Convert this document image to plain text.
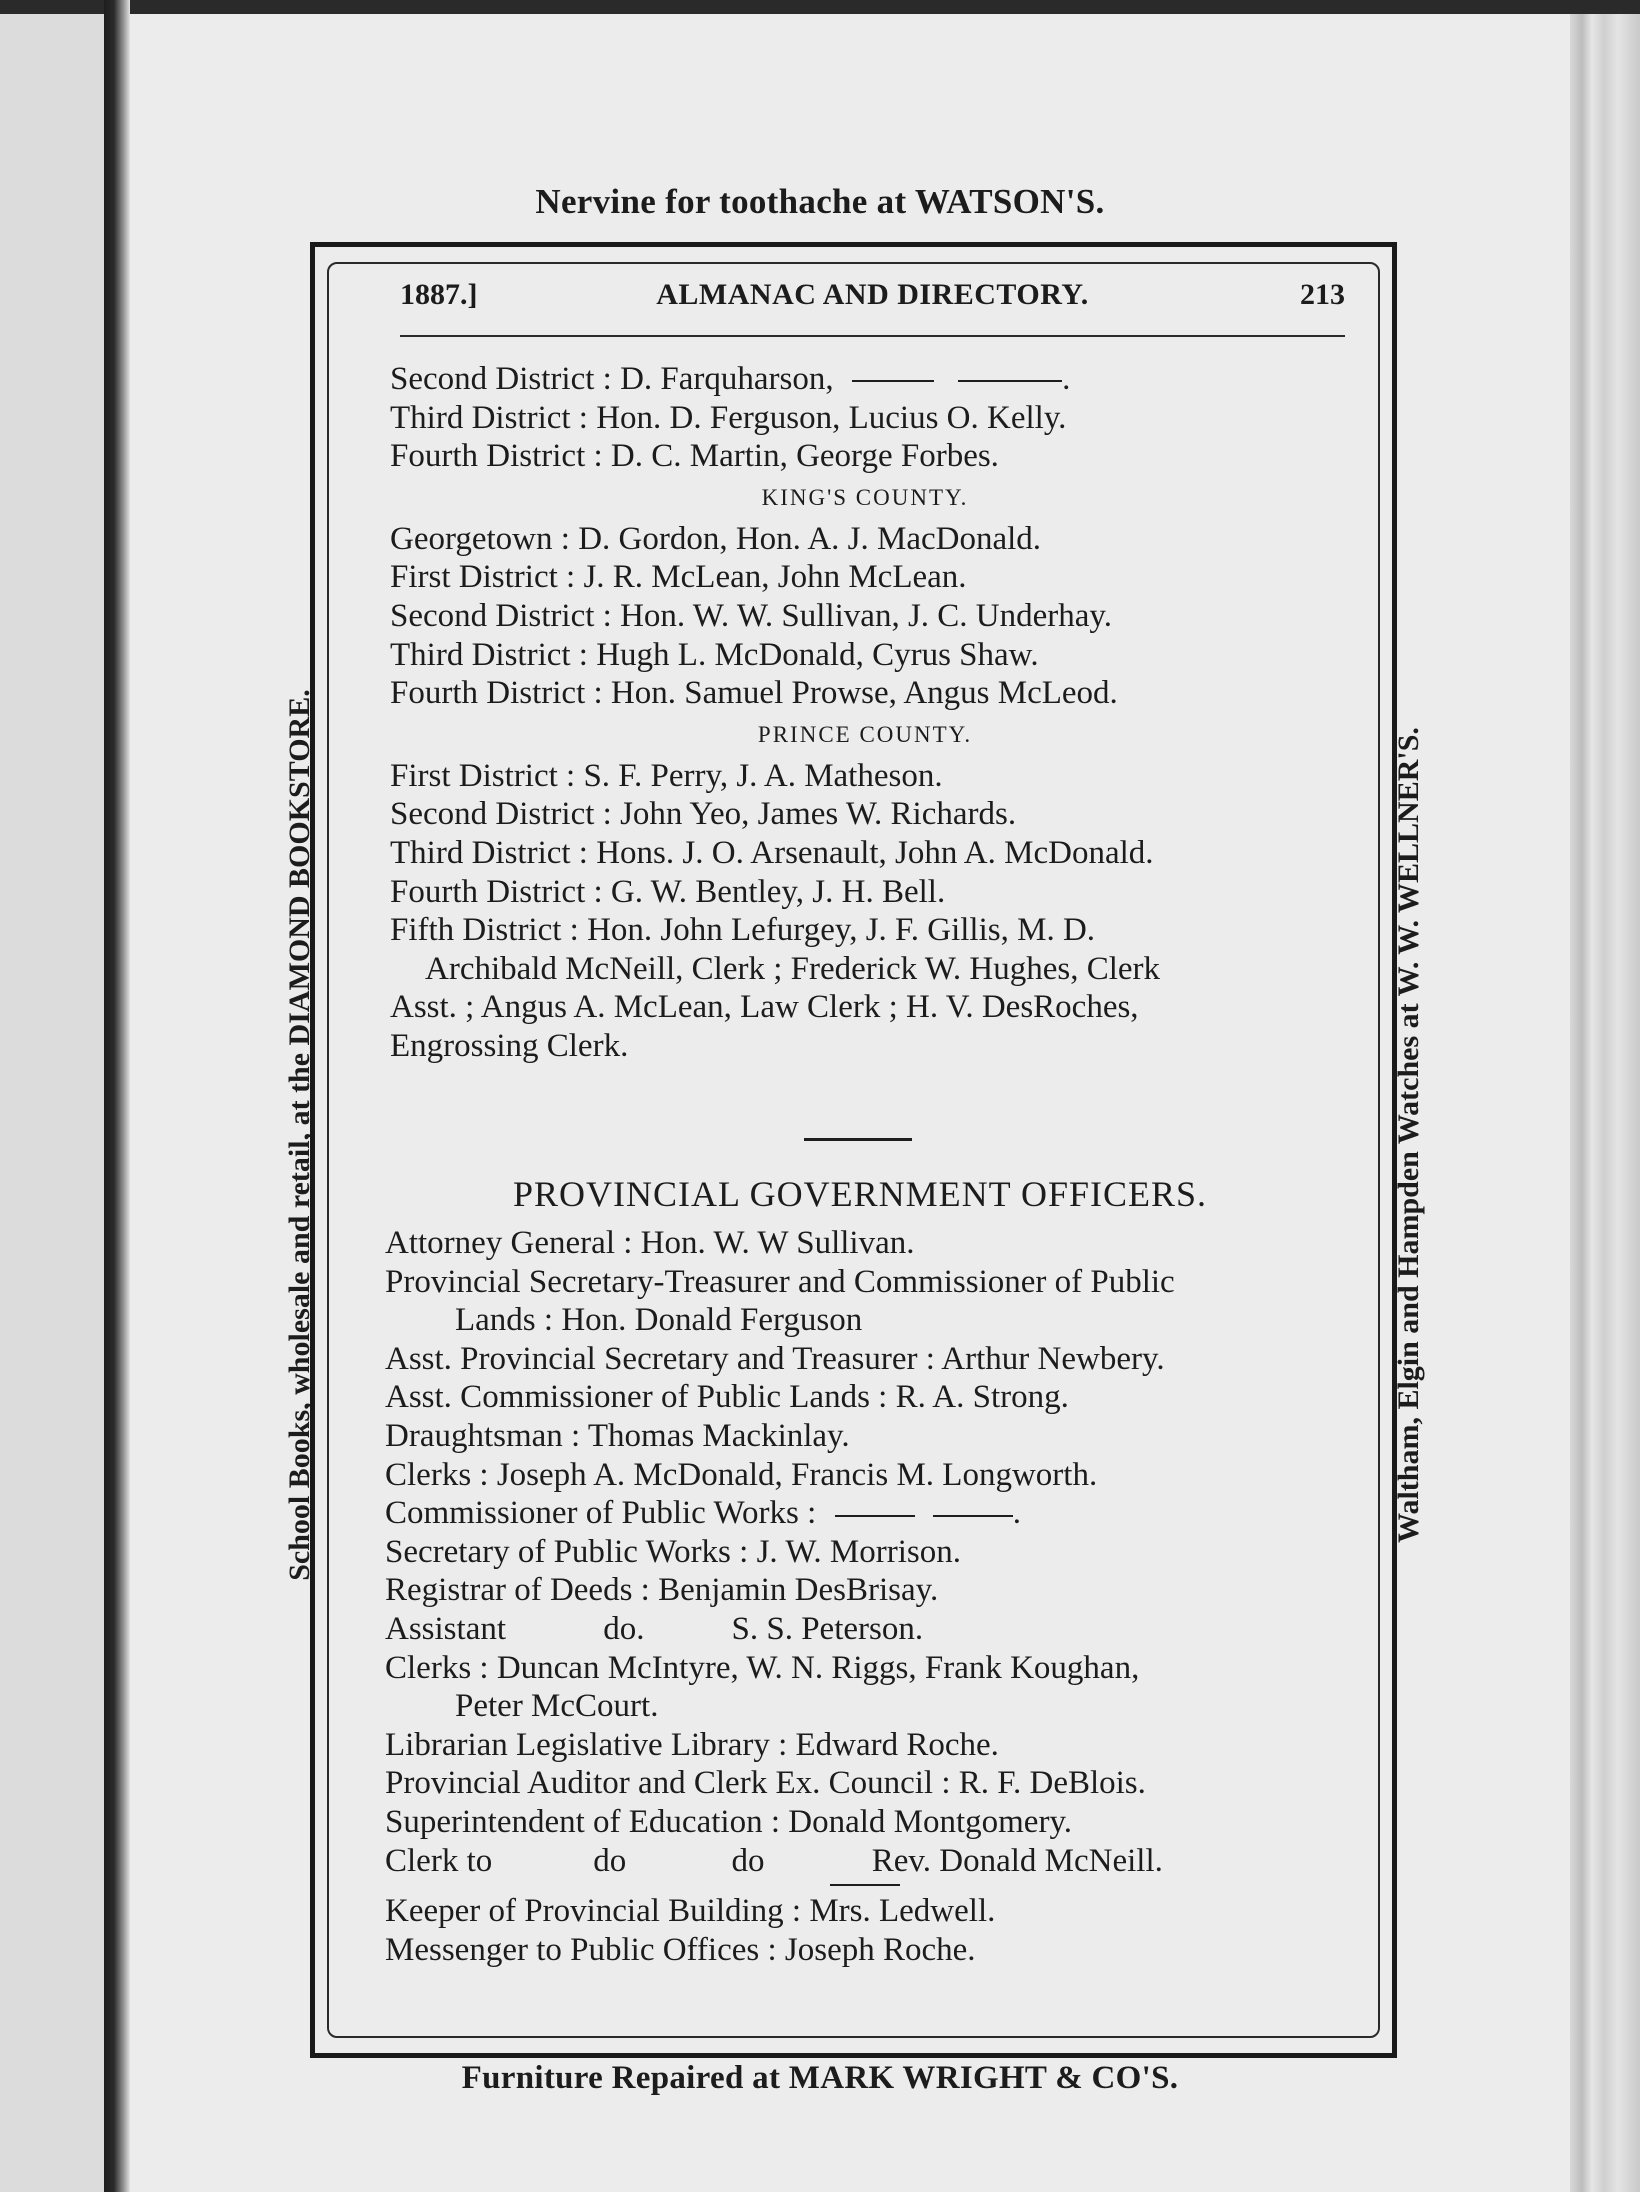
Nervine for toothache at WATSON'S.
School Books, wholesale and retail, at the DIAMOND BOOKSTORE.	Waltham, Elgin and Hampden Watches at W. W. WELLNER'S.
1887.]	ALMANAC AND DIRECTORY.	213
Second District : D. Farquharson,	.
Third District : Hon. D. Ferguson, Lucius O. Kelly.
Fourth District : D. C. Martin, George Forbes.
KING'S COUNTY.
Georgetown : D. Gordon, Hon. A. J. MacDonald.
First District : J. R. McLean, John McLean.
Second District : Hon. W. W. Sullivan, J. C. Underhay.
Third District : Hugh L. McDonald, Cyrus Shaw.
Fourth District : Hon. Samuel Prowse, Angus McLeod.
PRINCE COUNTY.
First District : S. F. Perry, J. A. Matheson.
Second District : John Yeo, James W. Richards.
Third District : Hons. J. O. Arsenault, John A. McDonald.
Fourth District : G. W. Bentley, J. H. Bell.
Fifth District : Hon. John Lefurgey, J. F. Gillis, M. D.
Archibald McNeill, Clerk ; Frederick W. Hughes, Clerk
Asst. ; Angus A. McLean, Law Clerk ; H. V. DesRoches,
Engrossing Clerk.
PROVINCIAL GOVERNMENT OFFICERS.
Attorney General : Hon. W. W Sullivan.
Provincial Secretary-Treasurer and Commissioner of Public
Lands : Hon. Donald Ferguson
Asst. Provincial Secretary and Treasurer : Arthur Newbery.
Asst. Commissioner of Public Lands : R. A. Strong.
Draughtsman : Thomas Mackinlay.
Clerks : Joseph A. McDonald, Francis M. Longworth.
Commissioner of Public Works :	.
Secretary of Public Works : J. W. Morrison.
Registrar of Deeds : Benjamin DesBrisay.
Assistant	do.	S. S. Peterson.
Clerks : Duncan McIntyre, W. N. Riggs, Frank Koughan,
Peter McCourt.
Librarian Legislative Library : Edward Roche.
Provincial Auditor and Clerk Ex. Council : R. F. DeBlois.
Superintendent of Education : Donald Montgomery.
Clerk to	do	do	Rev. Donald McNeill.
Keeper of Provincial Building : Mrs. Ledwell.
Messenger to Public Offices : Joseph Roche.
Furniture Repaired at MARK WRIGHT & CO'S.
